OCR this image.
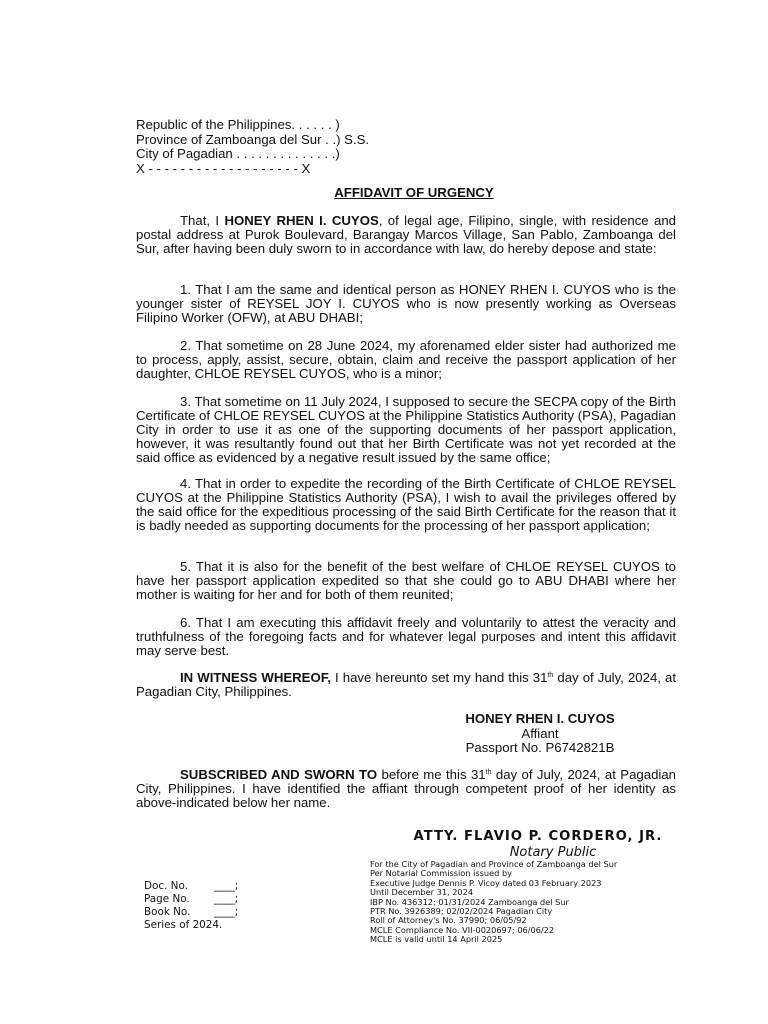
Republic of the Philippines. . . . . . )
Province of Zamboanga del Sur . .) S.S.
City of Pagadian . . . . . . . . . . . . . .)
X - - - - - - - - - - - - - - - - - - - X
AFFIDAVIT OF URGENCY

That, I HONEY RHEN I. CUYOS, of legal age, Filipino, single, with residence and postal address at Purok Boulevard, Barangay Marcos Village, San Pablo, Zamboanga del Sur, after having been duly sworn to in accordance with law, do hereby depose and state:

1. That I am the same and identical person as HONEY RHEN I. CUYOS who is the younger sister of REYSEL JOY I. CUYOS who is now presently working as Overseas Filipino Worker (OFW), at ABU DHABI;

2. That sometime on 28 June 2024, my aforenamed elder sister had authorized me to process, apply, assist, secure, obtain, claim and receive the passport application of her daughter, CHLOE REYSEL CUYOS, who is a minor;

3. That sometime on 11 July 2024, I supposed to secure the SECPA copy of the Birth Certificate of CHLOE REYSEL CUYOS at the Philippine Statistics Authority (PSA), Pagadian City in order to use it as one of the supporting documents of her passport application, however, it was resultantly found out that her Birth Certificate was not yet recorded at the said office as evidenced by a negative result issued by the same office;

4. That in order to expedite the recording of the Birth Certificate of CHLOE REYSEL CUYOS at the Philippine Statistics Authority (PSA), I wish to avail the privileges offered by the said office for the expeditious processing of the said Birth Certificate for the reason that it is badly needed as supporting documents for the processing of her passport application;

5. That it is also for the benefit of the best welfare of CHLOE REYSEL CUYOS to have her passport application expedited so that she could go to ABU DHABI where her mother is waiting for her and for both of them reunited;

6. That I am executing this affidavit freely and voluntarily to attest the veracity and truthfulness of the foregoing facts and for whatever legal purposes and intent this affidavit may serve best.

IN WITNESS WHEREOF, I have hereunto set my hand this 31th day of July, 2024, at Pagadian City, Philippines.

HONEY RHEN I. CUYOS
Affiant
Passport No. P6742821B

SUBSCRIBED AND SWORN TO before me this 31th day of July, 2024, at Pagadian City, Philippines. I have identified the affiant through competent proof of her identity as above-indicated below her name.

ATTY. FLAVIO P. CORDERO, JR.
Notary Public
For the City of Pagadian and Province of Zamboanga del Sur
Per Notarial Commission issued by
Executive Judge Dennis P. Vicoy dated 03 February 2023
Until December 31, 2024
IBP No. 436312; 01/31/2024 Zamboanga del Sur
PTR No. 3926389; 02/02/2024 Pagadian City
Roll of Attorney's No. 37990; 06/05/92
MCLE Compliance No. VII-0020697; 06/06/22
MCLE is valid until 14 April 2025
Doc. No.	____;
Page No.	____;
Book No.	____;
Series of 2024.
